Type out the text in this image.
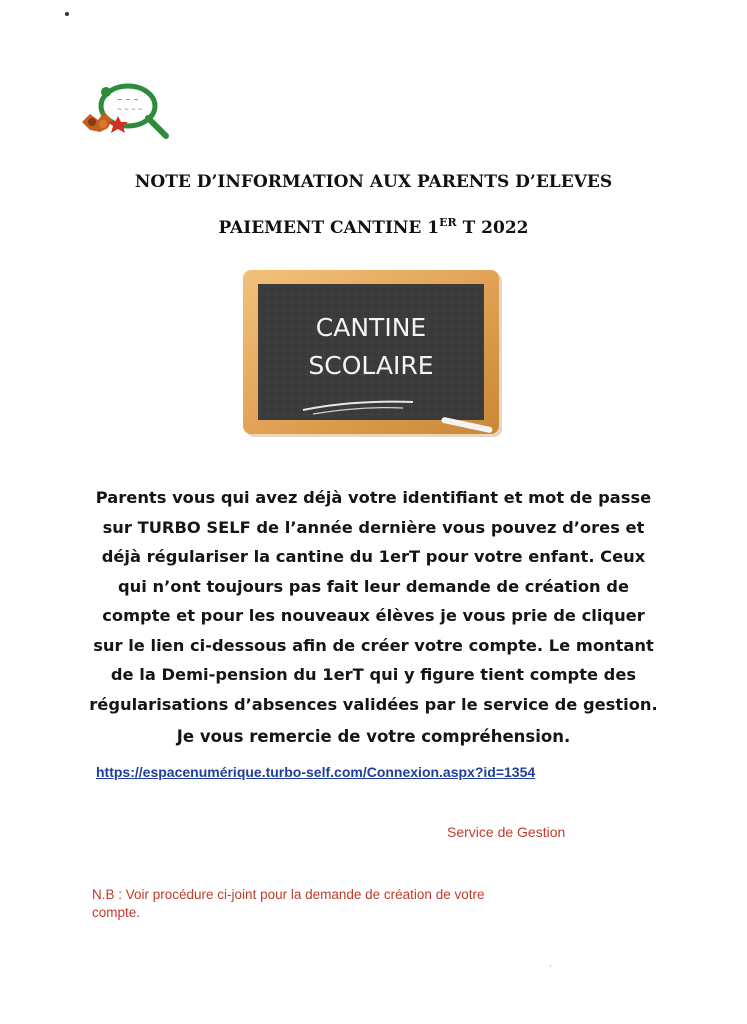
~ ~ ~
~ ~ ~ ~
NOTE D’INFORMATION AUX PARENTS D’ELEVES
PAIEMENT CANTINE 1ER T 2022
CANTINE
SCOLAIRE
Parents vous qui avez déjà votre identifiant et mot de passe
sur TURBO SELF de l’année dernière vous pouvez d’ores et
déjà régulariser la cantine du 1erT pour votre enfant. Ceux
qui n’ont toujours pas fait leur demande de création de
compte et pour les nouveaux élèves je vous prie de cliquer
sur le lien ci-dessous afin de créer votre compte. Le montant
de la Demi-pension du 1erT qui y figure tient compte des
régularisations d’absences validées par le service de gestion.
Je vous remercie de votre compréhension.
https://espacenumérique.turbo-self.com/Connexion.aspx?id=1354
Service de Gestion
N.B : Voir procédure ci-joint pour la demande de création de votre
compte.
·
